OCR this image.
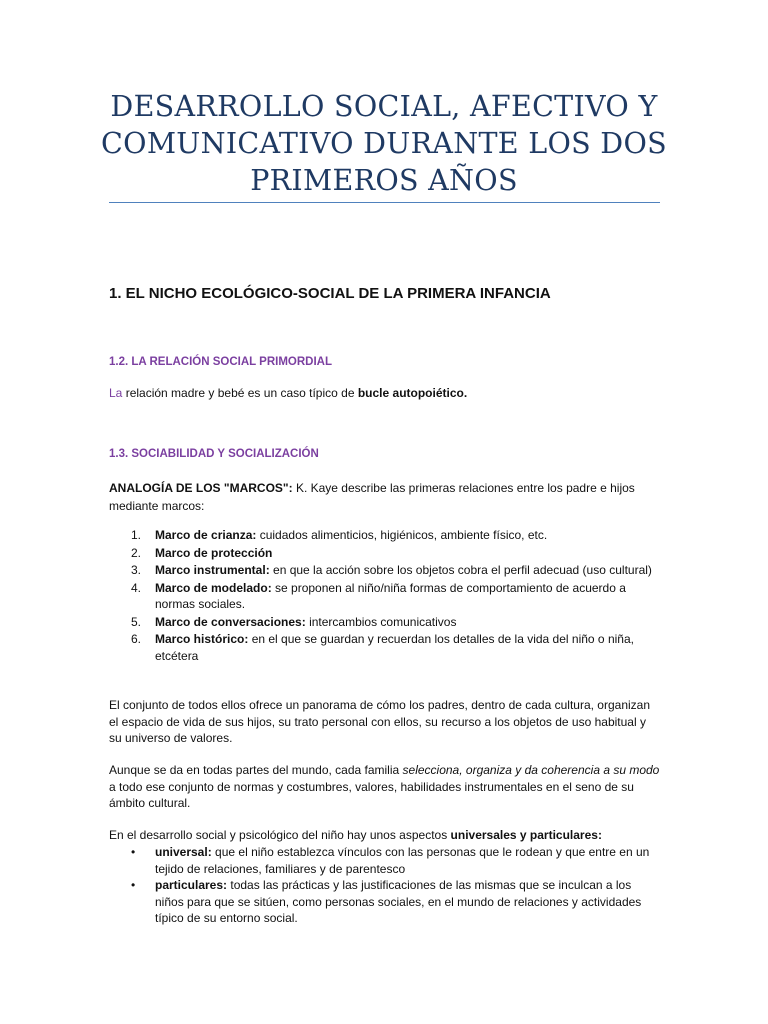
DESARROLLO SOCIAL, AFECTIVO Y
COMUNICATIVO DURANTE LOS DOS
PRIMEROS AÑOS
1. EL NICHO ECOLÓGICO-SOCIAL DE LA PRIMERA INFANCIA
1.2. LA RELACIÓN SOCIAL PRIMORDIAL
La relación madre y bebé es un caso típico de bucle autopoiético.
1.3. SOCIABILIDAD Y SOCIALIZACIÓN
ANALOGÍA DE LOS "MARCOS": K. Kaye describe las primeras relaciones entre los padre e hijos mediante marcos:
1. Marco de crianza: cuidados alimenticios, higiénicos, ambiente físico, etc.
2. Marco de protección
3. Marco instrumental: en que la acción sobre los objetos cobra el perfil adecuad (uso cultural)
4. Marco de modelado: se proponen al niño/niña formas de comportamiento de acuerdo a normas sociales.
5. Marco de conversaciones: intercambios comunicativos
6. Marco histórico: en el que se guardan y recuerdan los detalles de la vida del niño o niña, etcétera
El conjunto de todos ellos ofrece un panorama de cómo los padres, dentro de cada cultura, organizan el espacio de vida de sus hijos, su trato personal con ellos, su recurso a los objetos de uso habitual y su universo de valores.
Aunque se da en todas partes del mundo, cada familia selecciona, organiza y da coherencia a su modo a todo ese conjunto de normas y costumbres, valores, habilidades instrumentales en el seno de su ámbito cultural.
En el desarrollo social y psicológico del niño hay unos aspectos universales y particulares:
• universal: que el niño establezca vínculos con las personas que le rodean y que entre en un tejido de relaciones, familiares y de parentesco
• particulares: todas las prácticas y las justificaciones de las mismas que se inculcan a los niños para que se sitúen, como personas sociales, en el mundo de relaciones y actividades típico de su entorno social.
